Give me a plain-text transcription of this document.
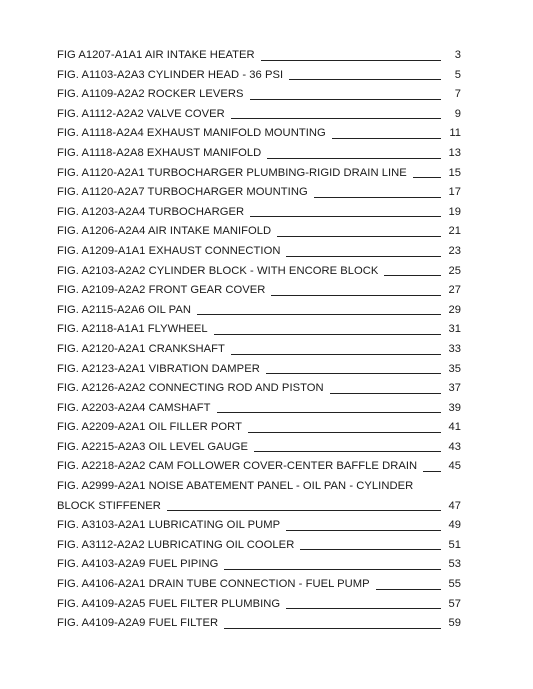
FIG A1207-A1A1 AIR INTAKE HEATER	3
FIG. A1103-A2A3 CYLINDER HEAD - 36 PSI	5
FIG. A1109-A2A2 ROCKER LEVERS	7
FIG. A1112-A2A2 VALVE COVER	9
FIG. A1118-A2A4 EXHAUST MANIFOLD MOUNTING	11
FIG. A1118-A2A8 EXHAUST MANIFOLD	13
FIG. A1120-A2A1 TURBOCHARGER PLUMBING-RIGID DRAIN LINE	15
FIG. A1120-A2A7 TURBOCHARGER MOUNTING	17
FIG. A1203-A2A4 TURBOCHARGER	19
FIG. A1206-A2A4 AIR INTAKE MANIFOLD	21
FIG. A1209-A1A1 EXHAUST CONNECTION	23
FIG. A2103-A2A2 CYLINDER BLOCK - WITH ENCORE BLOCK	25
FIG. A2109-A2A2 FRONT GEAR COVER	27
FIG. A2115-A2A6 OIL PAN	29
FIG. A2118-A1A1 FLYWHEEL	31
FIG. A2120-A2A1 CRANKSHAFT	33
FIG. A2123-A2A1 VIBRATION DAMPER	35
FIG. A2126-A2A2 CONNECTING ROD AND PISTON	37
FIG. A2203-A2A4 CAMSHAFT	39
FIG. A2209-A2A1 OIL FILLER PORT	41
FIG. A2215-A2A3 OIL LEVEL GAUGE	43
FIG. A2218-A2A2 CAM FOLLOWER COVER-CENTER BAFFLE DRAIN	45
FIG. A2999-A2A1 NOISE ABATEMENT PANEL - OIL PAN - CYLINDER
BLOCK STIFFENER	47
FIG. A3103-A2A1 LUBRICATING OIL PUMP	49
FIG. A3112-A2A2 LUBRICATING OIL COOLER	51
FIG. A4103-A2A9 FUEL PIPING	53
FIG. A4106-A2A1 DRAIN TUBE CONNECTION - FUEL PUMP	55
FIG. A4109-A2A5 FUEL FILTER PLUMBING	57
FIG. A4109-A2A9 FUEL FILTER	59
